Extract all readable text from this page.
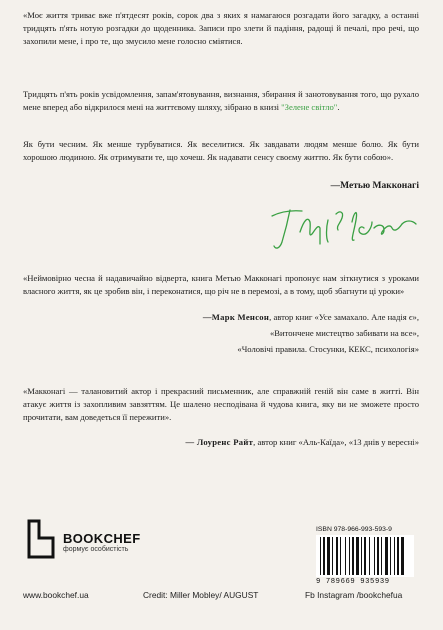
«Моє життя триває вже п'ятдесят років, сорок два з яких я намагаюся розгадати його загадку, а останні тридцять п'ять нотую розгадки до щоденника. Записи про злети й падіння, радощі й печалі, про речі, що захопили мене, і про те, що змусило мене голосно сміятися.

Тридцять п'ять років усвідомлення, запам'ятовування, визнання, збирання й занотовування того, що рухало мене вперед або відкрилося мені на життєвому шляху, зібрано в книзі "Зелене світло".

Як бути чесним. Як менше турбуватися. Як веселитися. Як завдавати людям менше болю. Як бути хорошою людиною. Як отримувати те, що хочеш. Як надавати сенсу своєму життю. Як бути собою».

—Метью Макконагі

«Неймовірно чесна й надавичайно відверта, книга Метью Макконагі пропонує нам зіткнутися з уроками власного життя, як це зробив він, і переконатися, що річ не в перемозі, а в тому, щоб збагнути ці уроки»

—Марк Менсон, автор книг «Усе замахало. Але надія є»,
«Витончене мистецтво забивати на все»,
«Чоловічі правила. Стосунки, КЕКС, психологія»

«Макконагі — талановитий актор і прекрасний письменник, але справжній геній він саме в житті. Він атакує життя із захопливим завзяттям. Це шалено несподівана й чудова книга, яку ви не зможете просто прочитати, вам доведеться її пережити».

— Лоуренс Райт, автор книг «Аль-Каїда», «13 днів у вересні»
BOOKCHEF
формує особистість
ISBN 978-966-993-593-9
9 789669 935939
www.bookchef.ua	Credit: Miller Mobley/ AUGUST	Fb Instagram /bookchefua
